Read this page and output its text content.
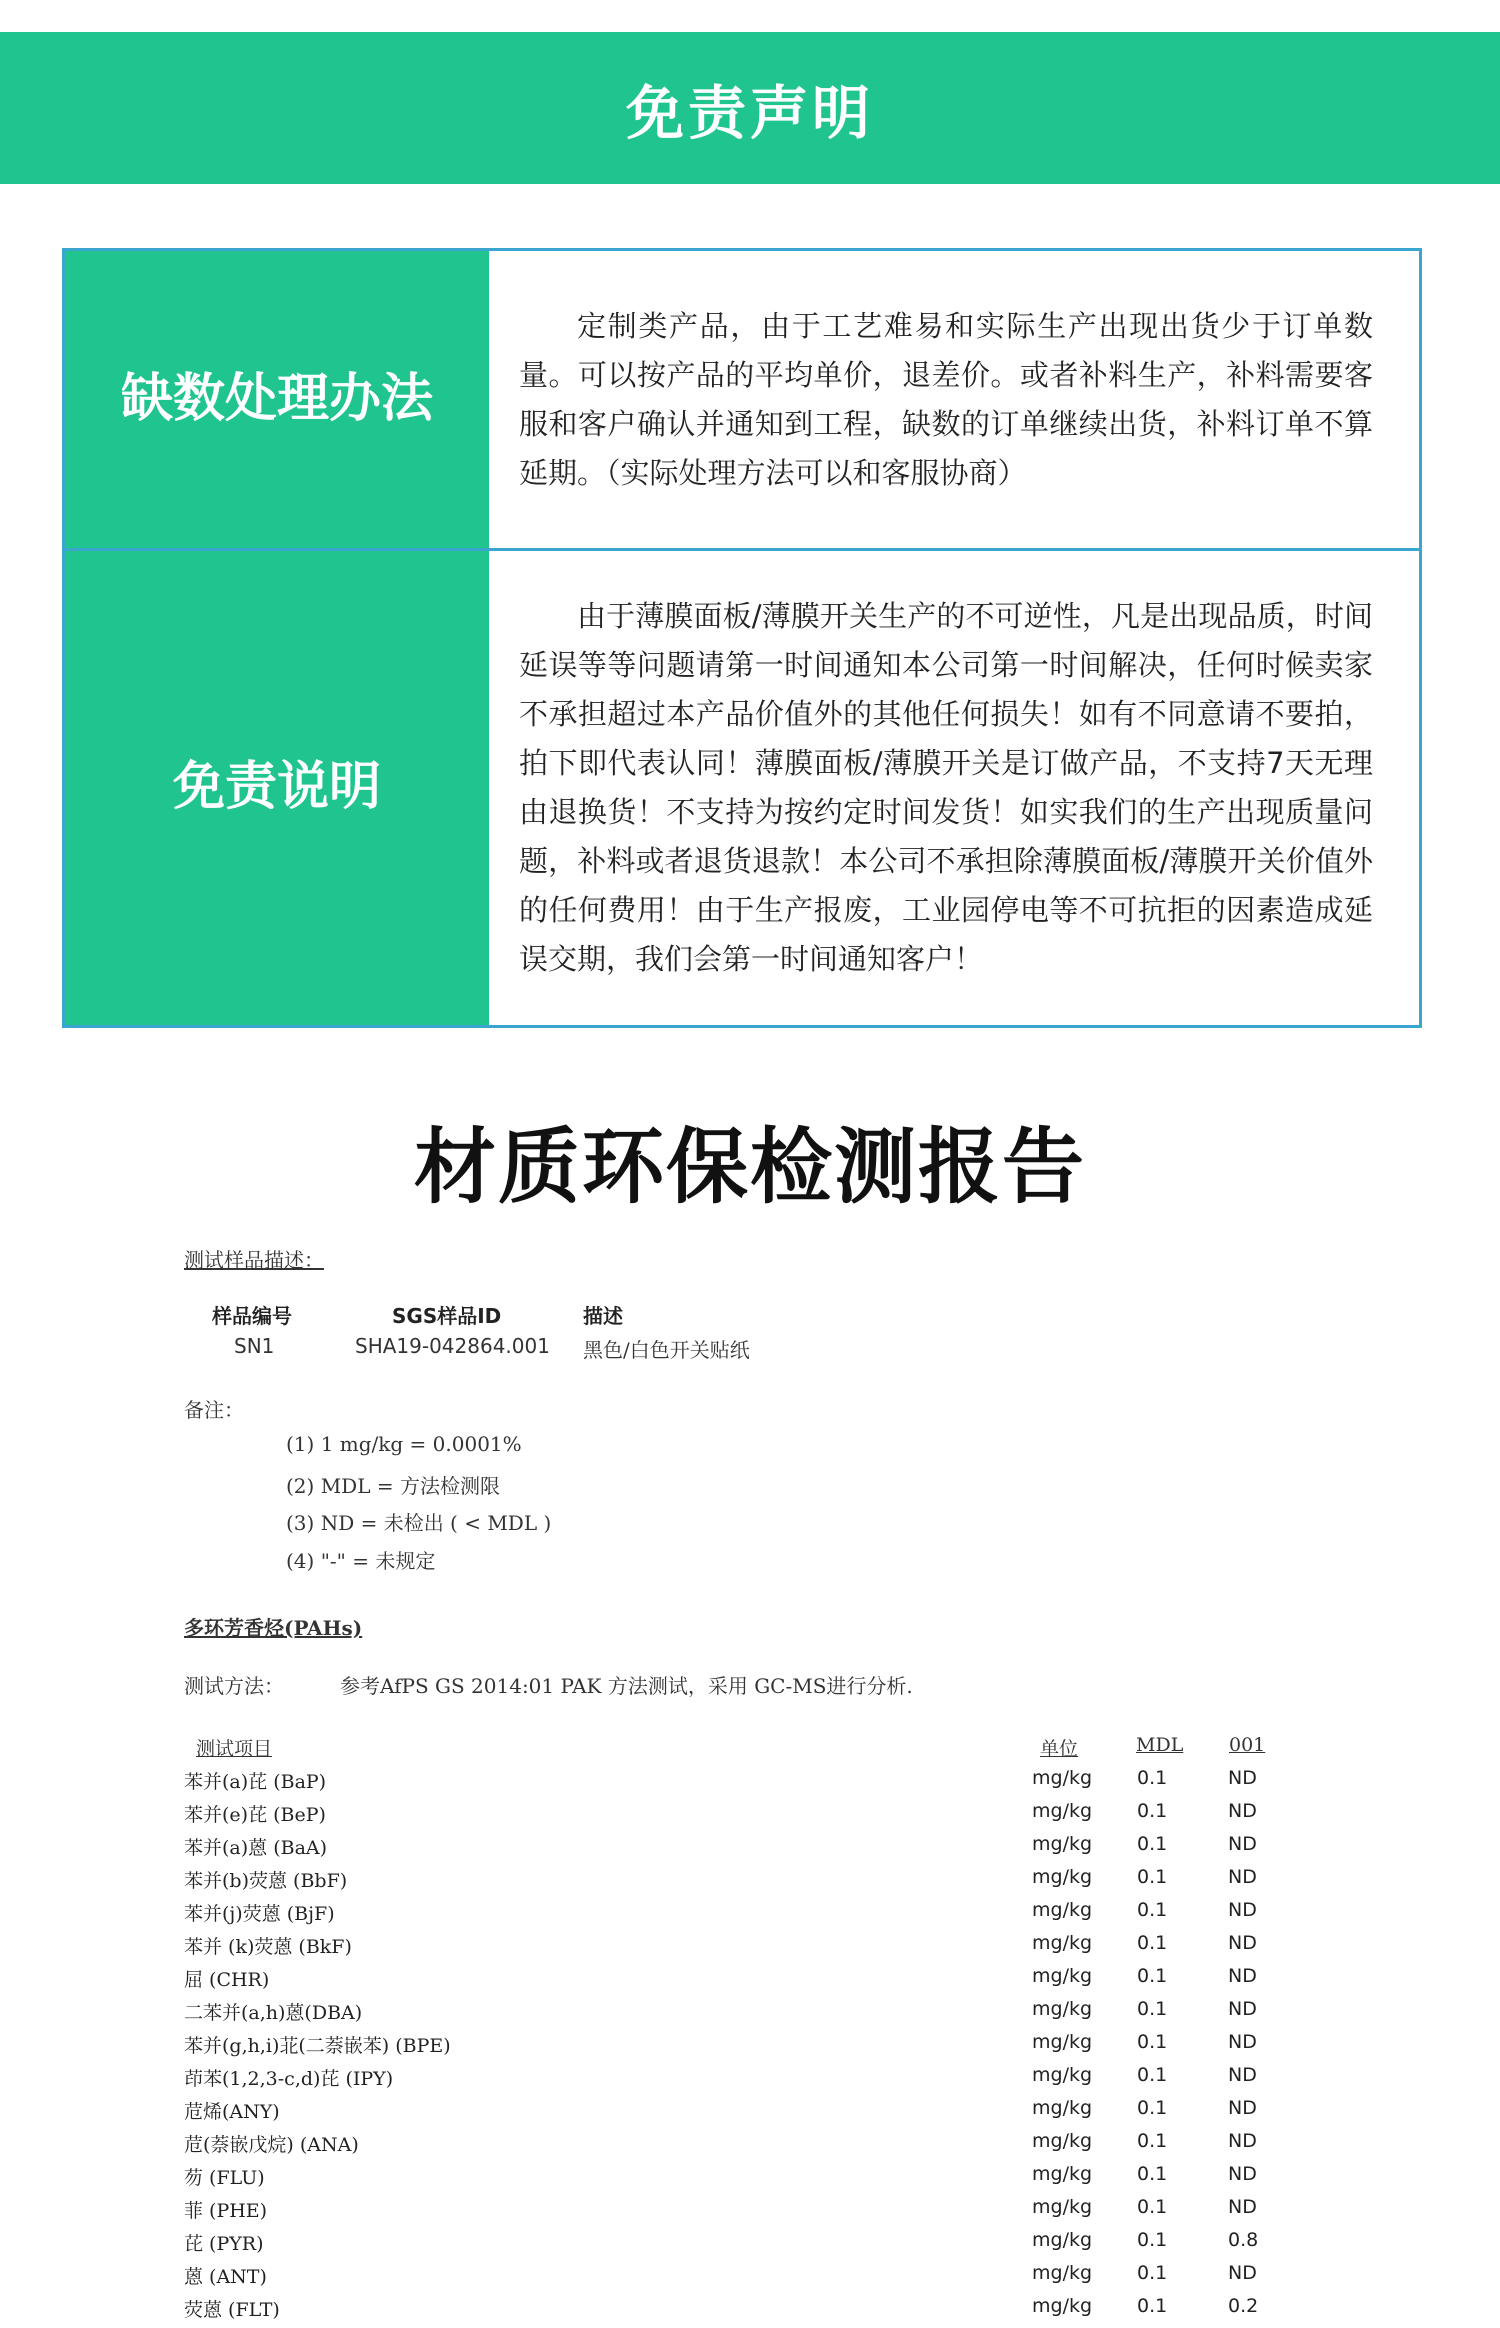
免责声明
缺数处理办法

定制类产品，由于工艺难易和实际生产出现出货少于订单数量。可以按产品的平均单价，退差价。或者补料生产，补料需要客服和客户确认并通知到工程，缺数的订单继续出货，补料订单不算延期。（实际处理方法可以和客服协商）

免责说明

由于薄膜面板/薄膜开关生产的不可逆性，凡是出现品质，时间延误等等问题请第一时间通知本公司第一时间解决，任何时候卖家不承担超过本产品价值外的其他任何损失！如有不同意请不要拍，拍下即代表认同！薄膜面板/薄膜开关是订做产品，不支持7天无理由退换货！不支持为按约定时间发货！如实我们的生产出现质量问题，补料或者退货退款！本公司不承担除薄膜面板/薄膜开关价值外的任何费用！由于生产报废，工业园停电等不可抗拒的因素造成延误交期，我们会第一时间通知客户！

材质环保检测报告
测试样品描述：
样品编号	SGS样品ID	描述
SN1	SHA19-042864.001 黑色/白色开关贴纸
备注：
(1) 1 mg/kg = 0.0001%
(2) MDL = 方法检测限
(3) ND = 未检出 ( < MDL )
(4) "-" = 未规定
多环芳香烃(PAHs)
测试方法：	参考AfPS GS 2014:01 PAK 方法测试，采用 GC-MS进行分析.
测试项目	单位	MDL 001
苯并(a)芘 (BaP)	mg/kg 0.1	ND
苯并(e)芘 (BeP)	mg/kg 0.1	ND
苯并(a)蒽 (BaA)	mg/kg 0.1	ND
苯并(b)荧蒽 (BbF)	mg/kg 0.1	ND
苯并(j)荧蒽 (BjF)	mg/kg 0.1	ND
苯并 (k)荧蒽 (BkF)	mg/kg 0.1	ND
屈 (CHR)	mg/kg 0.1	ND
二苯并(a,h)蒽(DBA)	mg/kg 0.1	ND
苯并(g,h,i)苝(二萘嵌苯) (BPE)	mg/kg 0.1	ND
茚苯(1,2,3-c,d)芘 (IPY)	mg/kg 0.1	ND
苊烯(ANY)	mg/kg 0.1	ND
苊(萘嵌戊烷) (ANA)	mg/kg 0.1	ND
芴 (FLU)	mg/kg 0.1	ND
菲 (PHE)	mg/kg 0.1	ND
芘 (PYR)	mg/kg 0.1	0.8
蒽 (ANT)	mg/kg 0.1	ND
荧蒽 (FLT)	mg/kg 0.1	0.2
